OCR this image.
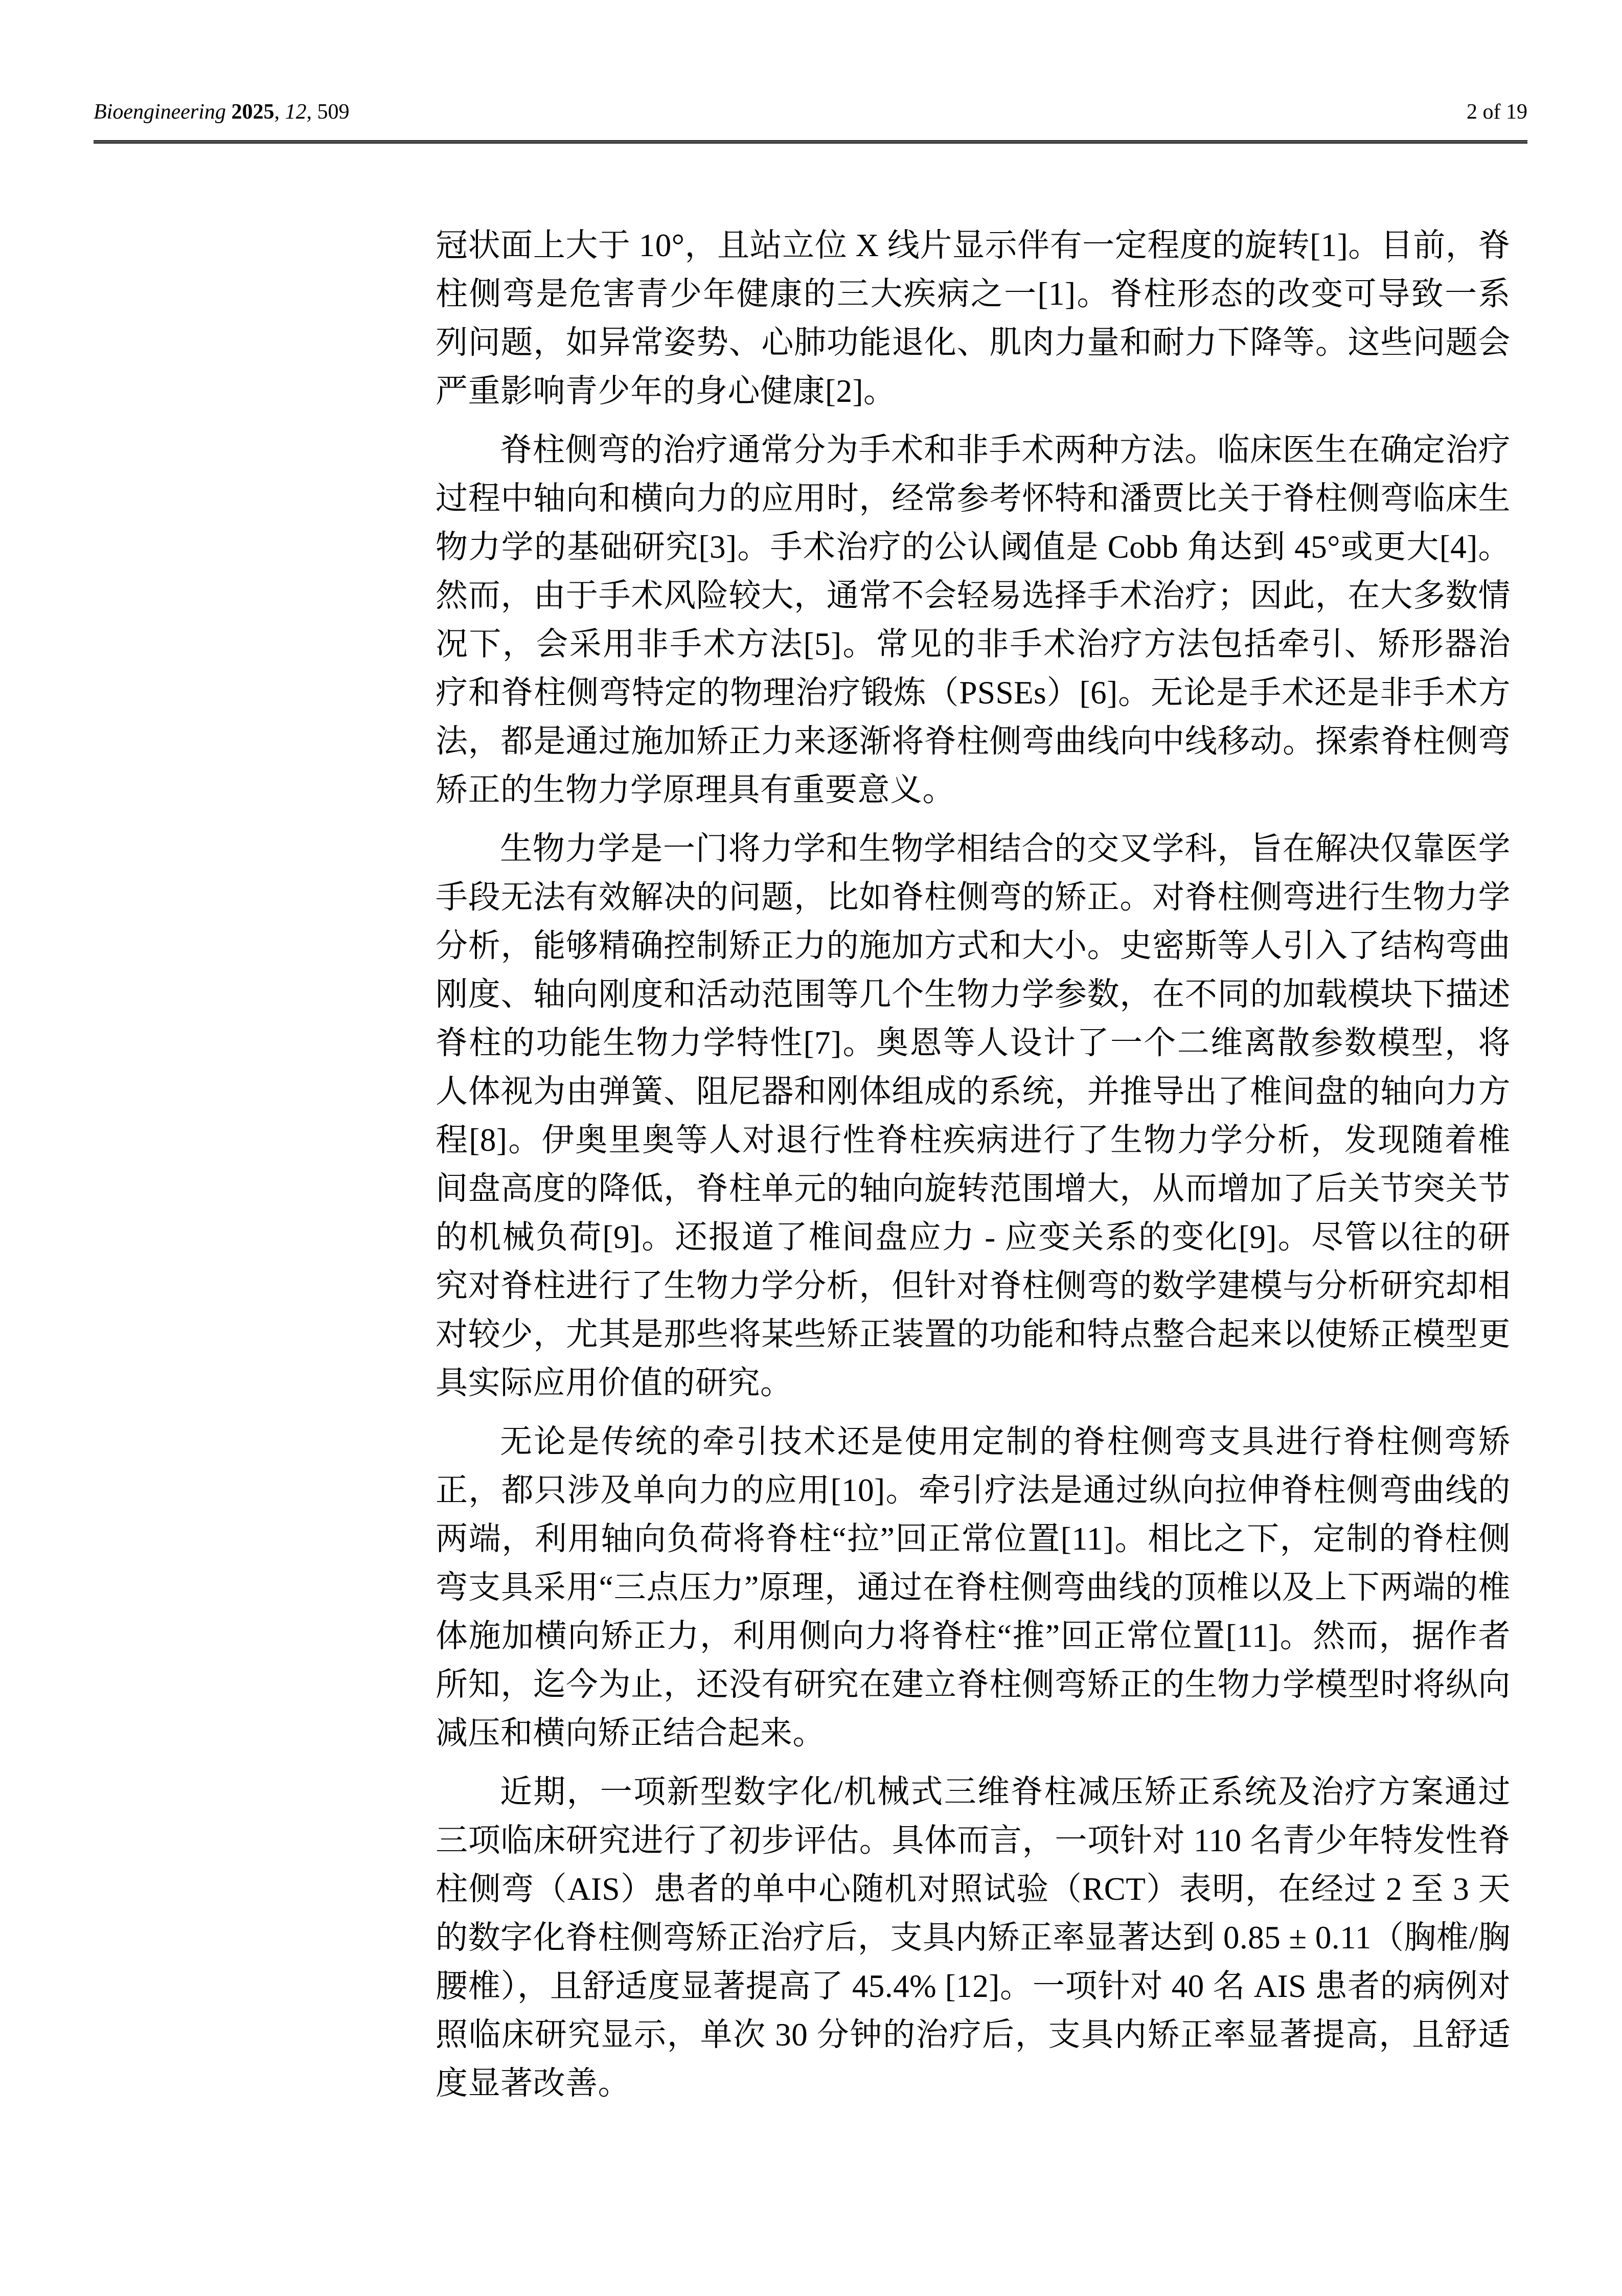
Bioengineering 2025, 12, 509	2 of 19

冠状面上大于 10°，且站立位 X 线片显示伴有一定程度的旋转[1]。目前，脊柱侧弯是危害青少年健康的三大疾病之一[1]。脊柱形态的改变可导致一系列问题，如异常姿势、心肺功能退化、肌肉力量和耐力下降等。这些问题会严重影响青少年的身心健康[2]。

脊柱侧弯的治疗通常分为手术和非手术两种方法。临床医生在确定治疗过程中轴向和横向力的应用时，经常参考怀特和潘贾比关于脊柱侧弯临床生物力学的基础研究[3]。手术治疗的公认阈值是 Cobb 角达到 45°或更大[4]。然而，由于手术风险较大，通常不会轻易选择手术治疗；因此，在大多数情况下，会采用非手术方法[5]。常见的非手术治疗方法包括牵引、矫形器治疗和脊柱侧弯特定的物理治疗锻炼（PSSEs）[6]。无论是手术还是非手术方法，都是通过施加矫正力来逐渐将脊柱侧弯曲线向中线移动。探索脊柱侧弯矫正的生物力学原理具有重要意义。

生物力学是一门将力学和生物学相结合的交叉学科，旨在解决仅靠医学手段无法有效解决的问题，比如脊柱侧弯的矫正。对脊柱侧弯进行生物力学分析，能够精确控制矫正力的施加方式和大小。史密斯等人引入了结构弯曲刚度、轴向刚度和活动范围等几个生物力学参数，在不同的加载模块下描述脊柱的功能生物力学特性[7]。奥恩等人设计了一个二维离散参数模型，将人体视为由弹簧、阻尼器和刚体组成的系统，并推导出了椎间盘的轴向力方程[8]。伊奥里奥等人对退行性脊柱疾病进行了生物力学分析，发现随着椎间盘高度的降低，脊柱单元的轴向旋转范围增大，从而增加了后关节突关节的机械负荷[9]。还报道了椎间盘应力 - 应变关系的变化[9]。尽管以往的研究对脊柱进行了生物力学分析，但针对脊柱侧弯的数学建模与分析研究却相对较少，尤其是那些将某些矫正装置的功能和特点整合起来以使矫正模型更具实际应用价值的研究。

无论是传统的牵引技术还是使用定制的脊柱侧弯支具进行脊柱侧弯矫正，都只涉及单向力的应用[10]。牵引疗法是通过纵向拉伸脊柱侧弯曲线的两端，利用轴向负荷将脊柱“拉”回正常位置[11]。相比之下，定制的脊柱侧弯支具采用“三点压力”原理，通过在脊柱侧弯曲线的顶椎以及上下两端的椎体施加横向矫正力，利用侧向力将脊柱“推”回正常位置[11]。然而，据作者所知，迄今为止，还没有研究在建立脊柱侧弯矫正的生物力学模型时将纵向减压和横向矫正结合起来。

近期，一项新型数字化/机械式三维脊柱减压矫正系统及治疗方案通过三项临床研究进行了初步评估。具体而言，一项针对 110 名青少年特发性脊柱侧弯（AIS）患者的单中心随机对照试验（RCT）表明，在经过 2 至 3 天的数字化脊柱侧弯矫正治疗后，支具内矫正率显著达到 0.85 ± 0.11（胸椎/胸腰椎），且舒适度显著提高了 45.4% [12]。一项针对 40 名 AIS 患者的病例对照临床研究显示，单次 30 分钟的治疗后，支具内矫正率显著提高，且舒适度显著改善。
